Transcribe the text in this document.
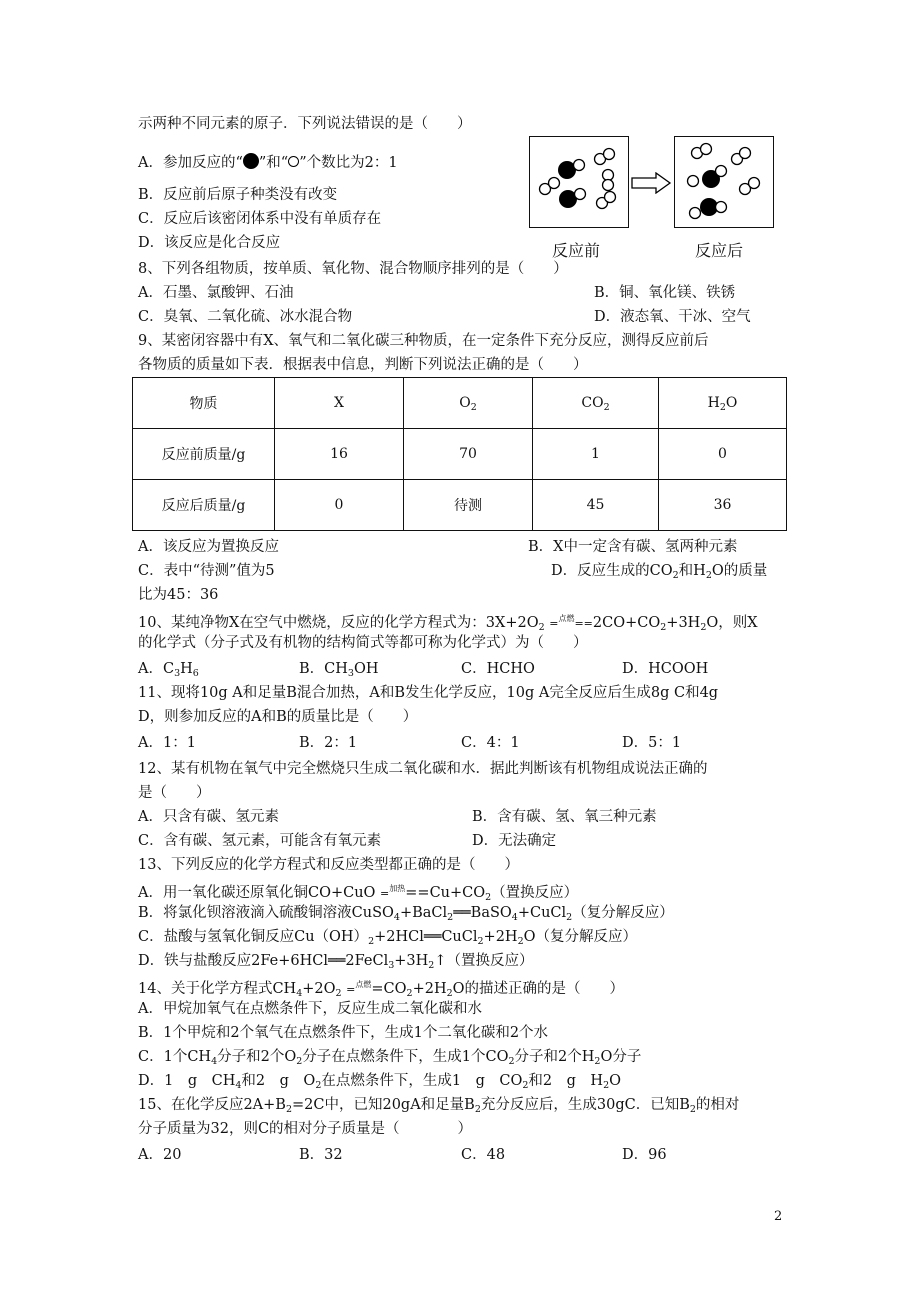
示两种不同元素的原子．下列说法错误的是（　　）
A．参加反应的“ ”和“ ”个数比为2：1
B．反应前后原子种类没有改变
C．反应后该密闭体系中没有单质存在
D．该反应是化合反应	反应前	反应后
8、下列各组物质，按单质、氧化物、混合物顺序排列的是（　　）
A．石墨、氯酸钾、石油	B．铜、氧化镁、铁锈
C．臭氧、二氧化硫、冰水混合物	D．液态氧、干冰、空气
9、某密闭容器中有X、氧气和二氧化碳三种物质，在一定条件下充分反应，测得反应前后
各物质的质量如下表．根据表中信息，判断下列说法正确的是（　　）
物质	X	$O_2$	$CO_2$	$H_2O$
反应前质量/g	16	70	1	0
反应后质量/g	0	待测	45	36
A．该反应为置换反应	B．X中一定含有碳、氢两种元素
C．表中“待测”值为5	D．反应生成的$CO_2$和$H_2O$的质量
比为45：36
10、某纯净物X在空气中燃烧，反应的化学方程式为：$3X+2O_2 =^{点燃}==2CO+CO_2+3H_2O$，则X
的化学式（分子式及有机物的结构简式等都可称为化学式）为（　　）
A．$C_3H_6$	B．$CH_3OH$	C．HCHO	D．HCOOH
11、现将10g A和足量B混合加热，A和B发生化学反应，10g A完全反应后生成8g C和4g
D，则参加反应的A和B的质量比是（　　）
A．1：1	B．2：1	C．4：1	D．5：1
12、某有机物在氧气中完全燃烧只生成二氧化碳和水．据此判断该有机物组成说法正确的
是（　　）
A．只含有碳、氢元素	B．含有碳、氢、氧三种元素
C．含有碳、氢元素，可能含有氧元素	D．无法确定
13、下列反应的化学方程式和反应类型都正确的是（　　）
A．用一氧化碳还原氧化铜$CO+CuO =^{加热}==Cu+CO_2$（置换反应）
B．将氯化钡溶液滴入硫酸铜溶液CuSO$_4$+BaCl$_2$══BaSO$_4$+CuCl$_2$（复分解反应）
C．盐酸与氢氧化铜反应$Cu(OH)_2+2HCl══CuCl_2+2H_2O$（复分解反应）
D．铁与盐酸反应$2Fe+6HCl══2FeCl_3+3H_2↑$（置换反应）
14、关于化学方程式$CH_4+2O_2 =^{点燃}=CO_2+2H_2O$的描述正确的是（　　）
A．甲烷加氧气在点燃条件下，反应生成二氧化碳和水
B．1个甲烷和2个氧气在点燃条件下，生成1个二氧化碳和2个水
C．1个$CH_4$分子和2个$O_2$分子在点燃条件下，生成1个$CO_2$分子和2个$H_2O$分子
D．1　g　$CH_4$和2　g　$O_2$在点燃条件下，生成1　g　$CO_2$和2　g　$H_2O$
15、在化学反应$2A+B_2=2C$中，已知20gA和足量$B_2$充分反应后，生成30gC．已知$B_2$的相对
分子质量为32，则C的相对分子质量是（　　　　）
A．20	B．32	C．48	D．96
2
